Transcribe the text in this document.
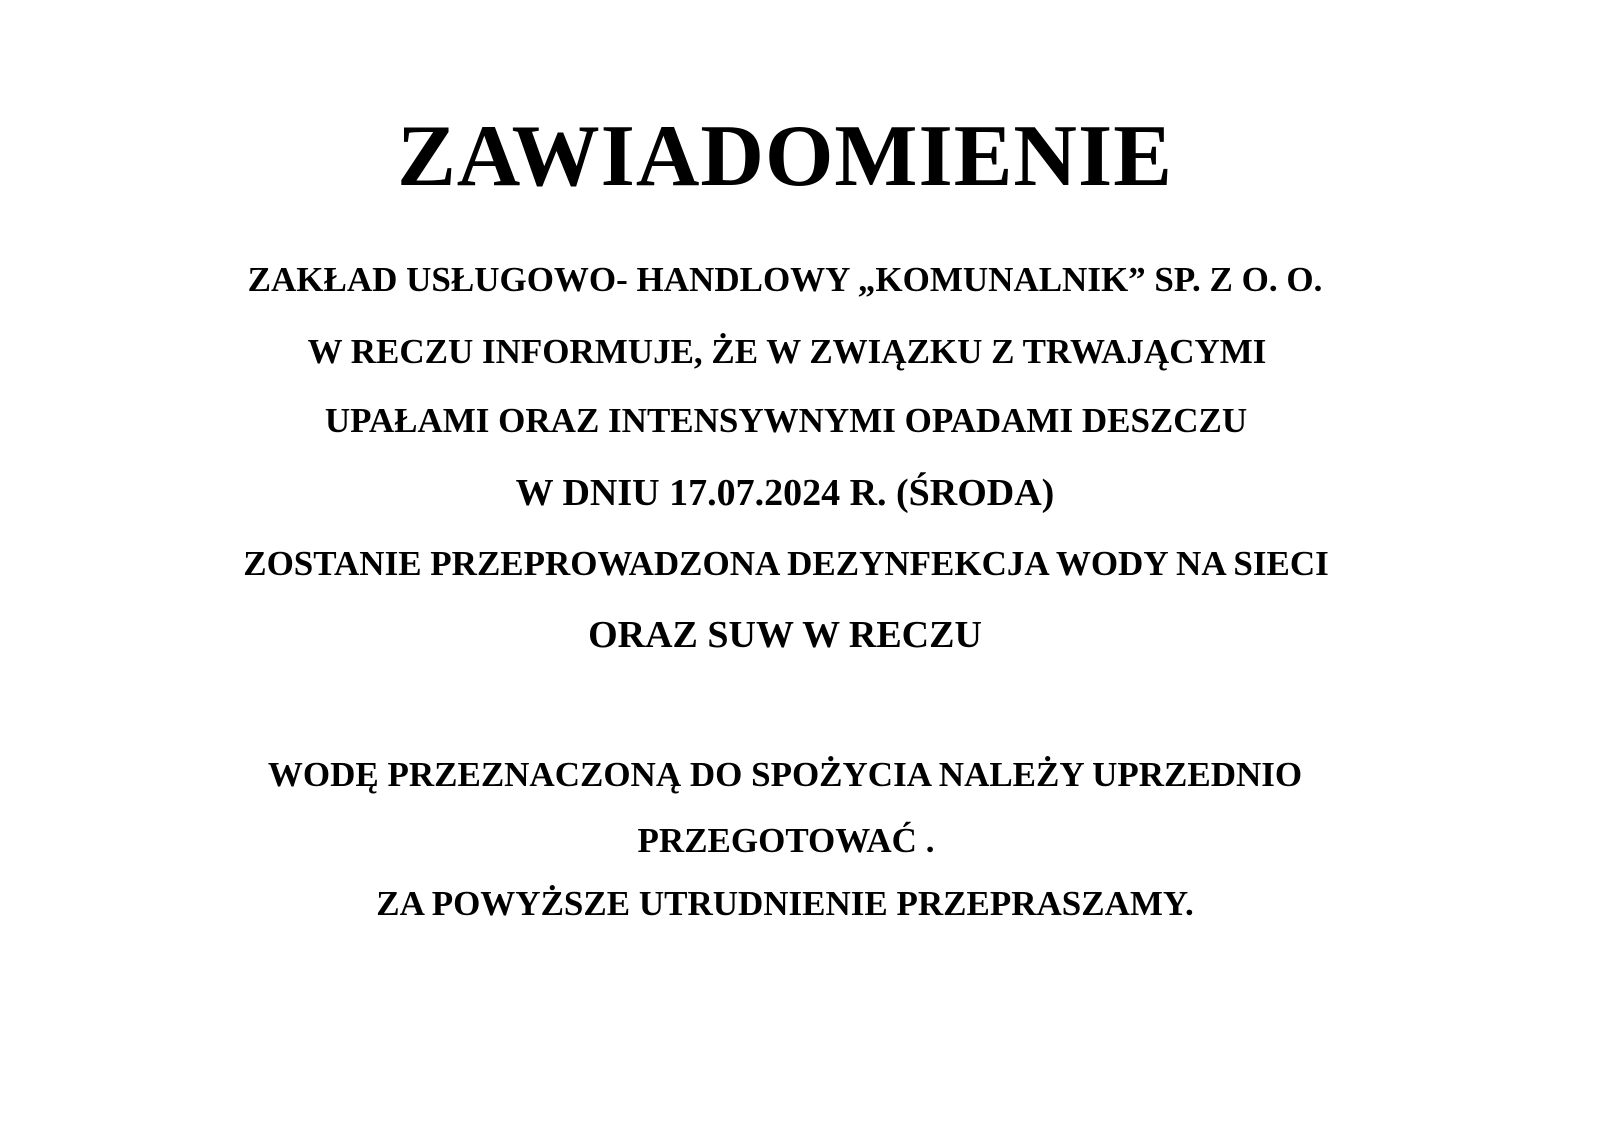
ZAWIADOMIENIE
ZAKŁAD USŁUGOWO- HANDLOWY „KOMUNALNIK” SP. Z O. O.
W RECZU INFORMUJE, ŻE W ZWIĄZKU Z TRWAJĄCYMI
UPAŁAMI ORAZ INTENSYWNYMI OPADAMI DESZCZU
W DNIU 17.07.2024 R. (ŚRODA)
ZOSTANIE PRZEPROWADZONA DEZYNFEKCJA WODY NA SIECI
ORAZ SUW W RECZU
WODĘ PRZEZNACZONĄ DO SPOŻYCIA NALEŻY UPRZEDNIO
PRZEGOTOWAĆ .
ZA POWYŻSZE UTRUDNIENIE PRZEPRASZAMY.
